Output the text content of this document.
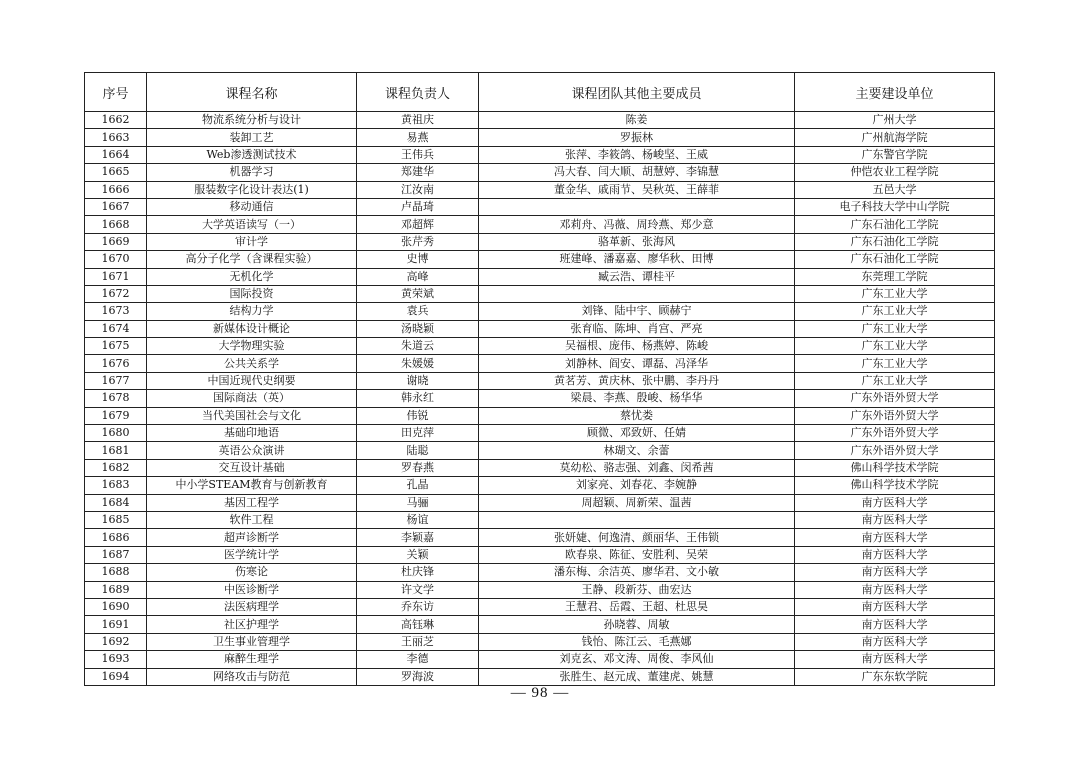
序号	课程名称	课程负责人	课程团队其他主要成员	主要建设单位
1662	物流系统分析与设计	黄祖庆	陈姜	广州大学
1663	装卸工艺	易燕	罗振林	广州航海学院
1664	Web渗透测试技术	王伟兵	张萍、李筱鸽、杨峻坚、王威	广东警官学院
1665	机器学习	郑建华	冯大春、闫大顺、胡慧婷、李锦慧	仲恺农业工程学院
1666	服装数字化设计表达(1)	江汝南	董金华、戚雨节、吴秋英、王薛菲	五邑大学
1667	移动通信	卢晶琦		电子科技大学中山学院
1668	大学英语读写（一）	邓超辉	邓莉舟、冯薇、周玲燕、郑少意	广东石油化工学院
1669	审计学	张芹秀	骆革新、张海风	广东石油化工学院
1670	高分子化学（含课程实验）	史博	班建峰、潘嘉嘉、廖华秋、田博	广东石油化工学院
1671	无机化学	高峰	臧云浩、谭桂平	东莞理工学院
1672	国际投资	黄荣斌		广东工业大学
1673	结构力学	袁兵	刘锋、陆中宇、顾赫宁	广东工业大学
1674	新媒体设计概论	汤晓颖	张育临、陈坤、肖宫、严亮	广东工业大学
1675	大学物理实验	朱道云	吴福根、庞伟、杨燕婷、陈峻	广东工业大学
1676	公共关系学	朱媛媛	刘静林、阎安、谭磊、冯泽华	广东工业大学
1677	中国近现代史纲要	谢晓	黄茗芳、黄庆林、张中鹏、李丹丹	广东工业大学
1678	国际商法（英）	韩永红	梁晨、李燕、殷峻、杨华华	广东外语外贸大学
1679	当代美国社会与文化	伟锐	蔡忧娄	广东外语外贸大学
1680	基础印地语	田克萍	顾微、邓致妍、任婧	广东外语外贸大学
1681	英语公众演讲	陆聪	林瑚文、余蕾	广东外语外贸大学
1682	交互设计基础	罗春燕	莫幼松、骆志强、刘鑫、闵希茜	佛山科学技术学院
1683	中小学STEAM教育与创新教育	孔晶	刘家亮、刘春花、李婉静	佛山科学技术学院
1684	基因工程学	马骊	周超颖、周新荣、温茜	南方医科大学
1685	软件工程	杨谊		南方医科大学
1686	超声诊断学	李颖嘉	张妍婕、何逸清、颜丽华、王伟锁	南方医科大学
1687	医学统计学	关颖	欧春泉、陈征、安胜利、吴荣	南方医科大学
1688	伤寒论	杜庆锋	潘东梅、余洁英、廖华君、文小敏	南方医科大学
1689	中医诊断学	许文学	王静、段新芬、曲宏达	南方医科大学
1690	法医病理学	乔东访	王慧君、岳霞、王超、杜思昊	南方医科大学
1691	社区护理学	高钰琳	孙晓蓉、周敏	南方医科大学
1692	卫生事业管理学	王丽芝	钱怡、陈江云、毛燕娜	南方医科大学
1693	麻醉生理学	李德	刘克玄、邓文涛、周俊、李风仙	南方医科大学
1694	网络攻击与防范	罗海波	张胜生、赵元成、董建虎、姚慧	广东东软学院
— 98 —
